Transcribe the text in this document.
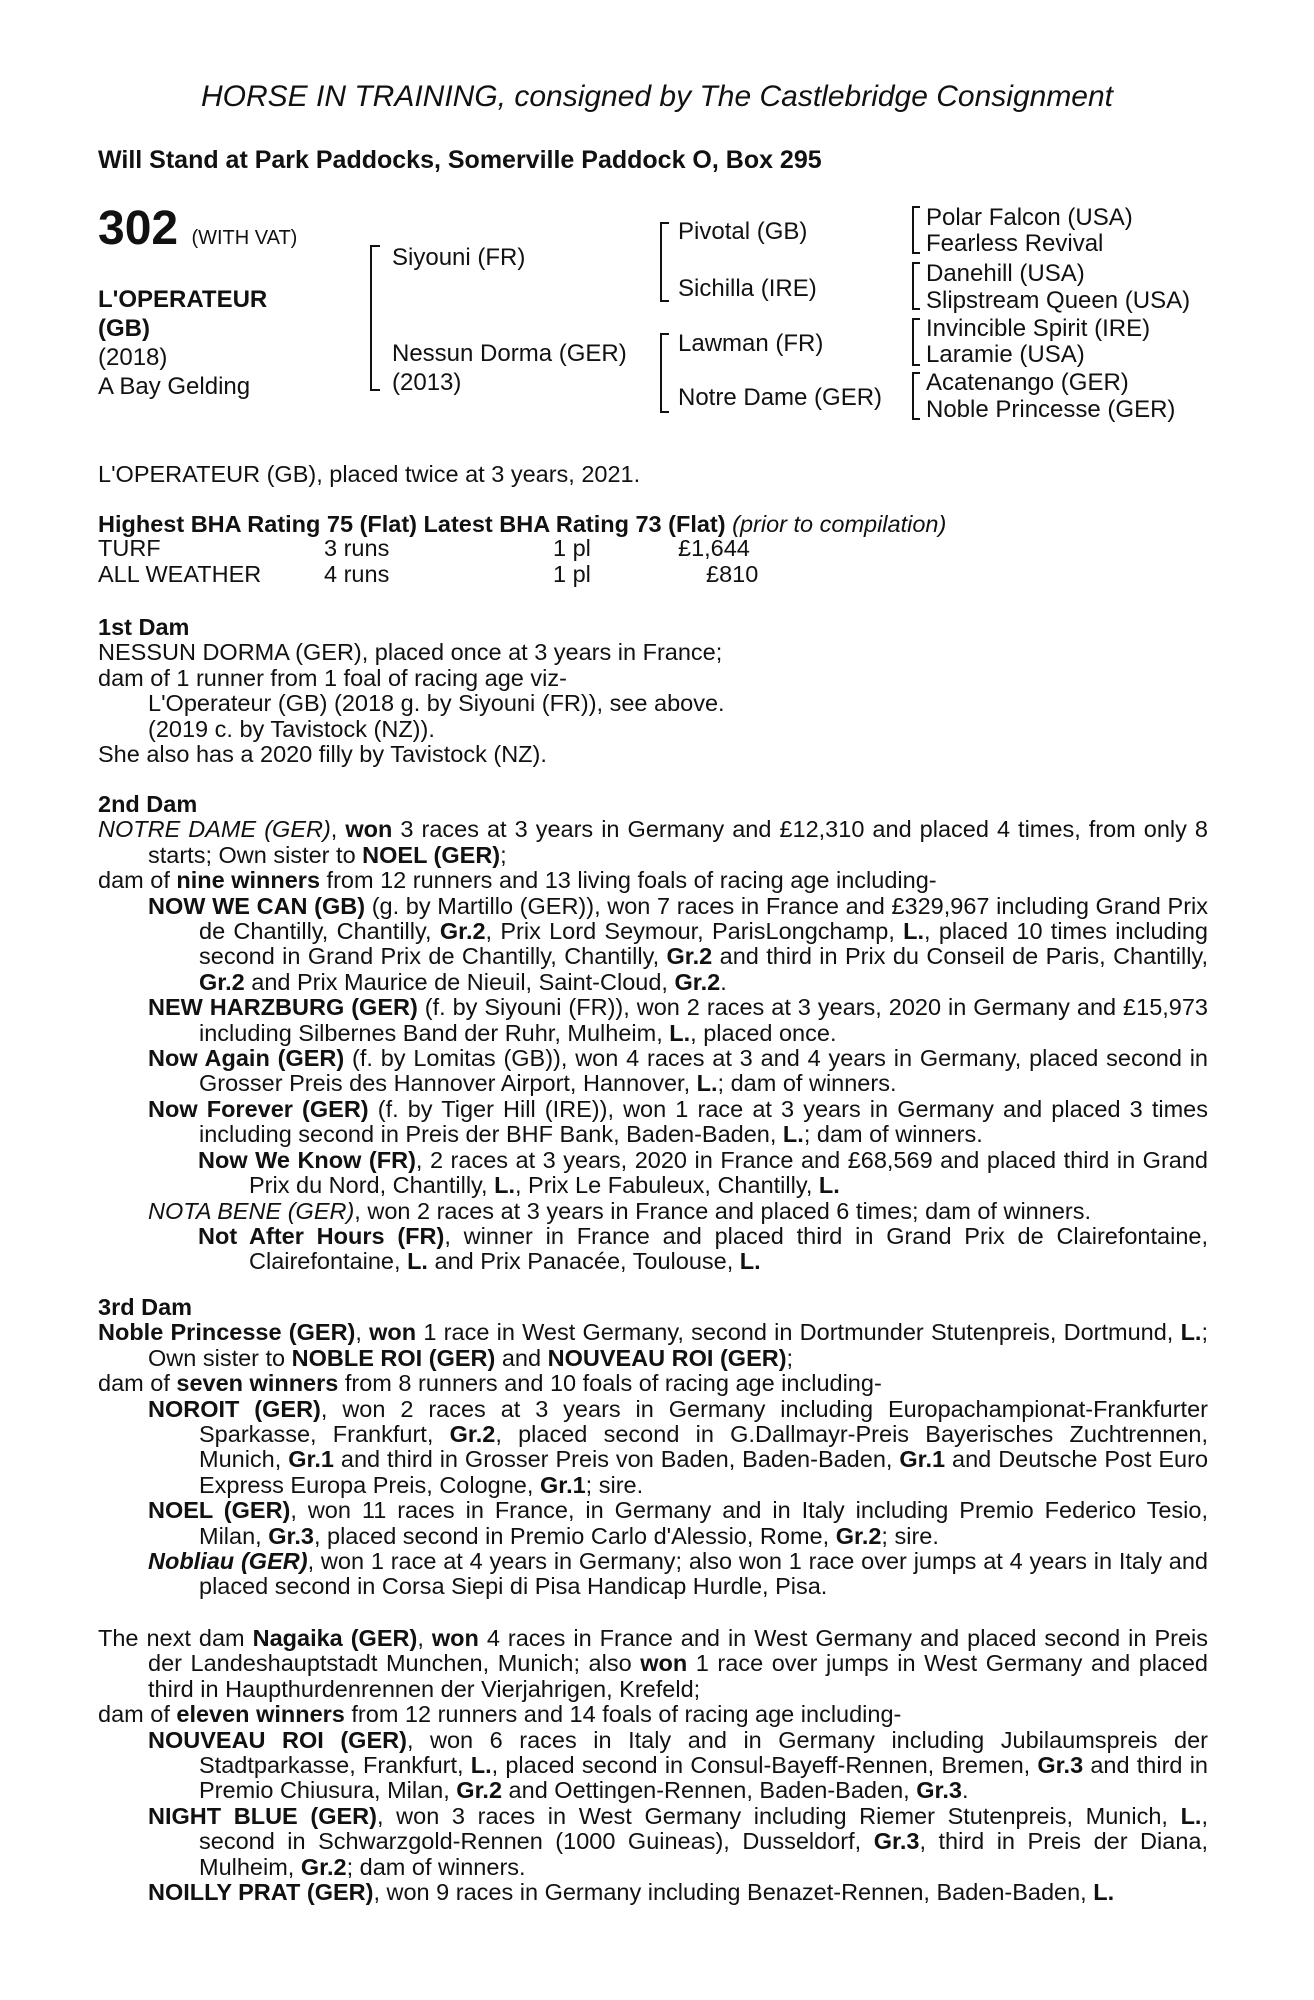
HORSE IN TRAINING, consigned by The Castlebridge Consignment
Will Stand at Park Paddocks, Somerville Paddock O, Box 295
302 (WITH VAT)
L'OPERATEUR
(GB)
(2018)
A Bay Gelding
Siyouni (FR)
Nessun Dorma (GER)
(2013)
Pivotal (GB)
Sichilla (IRE)
Lawman (FR)
Notre Dame (GER)
Polar Falcon (USA)
Fearless Revival
Danehill (USA)
Slipstream Queen (USA)
Invincible Spirit (IRE)
Laramie (USA)
Acatenango (GER)
Noble Princesse (GER)
L'OPERATEUR (GB), placed twice at 3 years, 2021.
Highest BHA Rating 75 (Flat) Latest BHA Rating 73 (Flat) (prior to compilation)
TURF	3 runs	1 pl	£1,644
ALL WEATHER	4 runs	1 pl	£810

1st Dam

NESSUN DORMA (GER), placed once at 3 years in France;

dam of 1 runner from 1 foal of racing age viz-

L'Operateur (GB) (2018 g. by Siyouni (FR)), see above.

(2019 c. by Tavistock (NZ)).

She also has a 2020 filly by Tavistock (NZ).

2nd Dam

NOTRE DAME (GER), won 3 races at 3 years in Germany and £12,310 and placed 4 times, from only 8 starts; Own sister to NOEL (GER);

dam of nine winners from 12 runners and 13 living foals of racing age including-

NOW WE CAN (GB) (g. by Martillo (GER)), won 7 races in France and £329,967 including Grand Prix de Chantilly, Chantilly, Gr.2, Prix Lord Seymour, ParisLongchamp, L., placed 10 times including second in Grand Prix de Chantilly, Chantilly, Gr.2 and third in Prix du Conseil de Paris, Chantilly, Gr.2 and Prix Maurice de Nieuil, Saint-Cloud, Gr.2.

NEW HARZBURG (GER) (f. by Siyouni (FR)), won 2 races at 3 years, 2020 in Germany and £15,973 including Silbernes Band der Ruhr, Mulheim, L., placed once.

Now Again (GER) (f. by Lomitas (GB)), won 4 races at 3 and 4 years in Germany, placed second in Grosser Preis des Hannover Airport, Hannover, L.; dam of winners.

Now Forever (GER) (f. by Tiger Hill (IRE)), won 1 race at 3 years in Germany and placed 3 times including second in Preis der BHF Bank, Baden-Baden, L.; dam of winners.

Now We Know (FR), 2 races at 3 years, 2020 in France and £68,569 and placed third in Grand Prix du Nord, Chantilly, L., Prix Le Fabuleux, Chantilly, L.

NOTA BENE (GER), won 2 races at 3 years in France and placed 6 times; dam of winners.

Not After Hours (FR), winner in France and placed third in Grand Prix de Clairefontaine, Clairefontaine, L. and Prix Panacée, Toulouse, L.

3rd Dam

Noble Princesse (GER), won 1 race in West Germany, second in Dortmunder Stutenpreis, Dortmund, L.; Own sister to NOBLE ROI (GER) and NOUVEAU ROI (GER);

dam of seven winners from 8 runners and 10 foals of racing age including-

NOROIT (GER), won 2 races at 3 years in Germany including Europachampionat-Frankfurter Sparkasse, Frankfurt, Gr.2, placed second in G.Dallmayr-Preis Bayerisches Zuchtrennen, Munich, Gr.1 and third in Grosser Preis von Baden, Baden-Baden, Gr.1 and Deutsche Post Euro Express Europa Preis, Cologne, Gr.1; sire.

NOEL (GER), won 11 races in France, in Germany and in Italy including Premio Federico Tesio, Milan, Gr.3, placed second in Premio Carlo d'Alessio, Rome, Gr.2; sire.

Nobliau (GER), won 1 race at 4 years in Germany; also won 1 race over jumps at 4 years in Italy and placed second in Corsa Siepi di Pisa Handicap Hurdle, Pisa.

The next dam Nagaika (GER), won 4 races in France and in West Germany and placed second in Preis der Landeshauptstadt Munchen, Munich; also won 1 race over jumps in West Germany and placed third in Haupthurdenrennen der Vierjahrigen, Krefeld;

dam of eleven winners from 12 runners and 14 foals of racing age including-

NOUVEAU ROI (GER), won 6 races in Italy and in Germany including Jubilaumspreis der Stadtparkasse, Frankfurt, L., placed second in Consul-Bayeff-Rennen, Bremen, Gr.3 and third in Premio Chiusura, Milan, Gr.2 and Oettingen-Rennen, Baden-Baden, Gr.3.

NIGHT BLUE (GER), won 3 races in West Germany including Riemer Stutenpreis, Munich, L., second in Schwarzgold-Rennen (1000 Guineas), Dusseldorf, Gr.3, third in Preis der Diana, Mulheim, Gr.2; dam of winners.

NOILLY PRAT (GER), won 9 races in Germany including Benazet-Rennen, Baden-Baden, L.
